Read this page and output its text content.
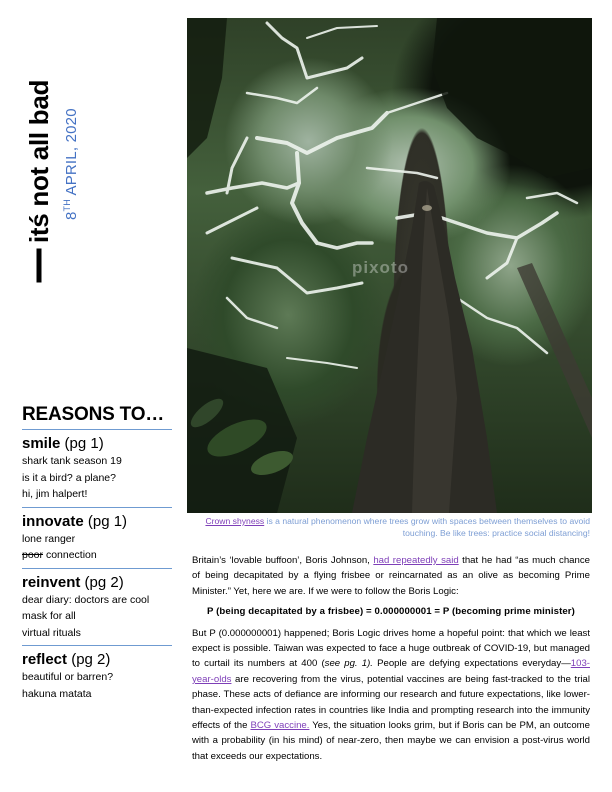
itś not all bad 8TH APRIL, 2020
REASONS TO…
smile (pg 1)
shark tank season 19
is it a bird? a plane?
hi, jim halpert!
innovate (pg 1)
lone ranger
poor connection
reinvent (pg 2)
dear diary: doctors are cool
mask for all
virtual rituals
reflect (pg 2)
beautiful or barren?
hakuna matata
pixoto
Crown shyness is a natural phenomenon where trees grow with spaces between themselves to avoid touching. Be like trees: practice social distancing!

Britain’s ‘lovable buffoon’, Boris Johnson, had repeatedly said that he had “as much chance of being decapitated by a flying frisbee or reincarnated as an olive as becoming Prime Minister.” Yet, here we are. If we were to follow the Boris Logic:

P (being decapitated by a frisbee) = 0.000000001 = P (becoming prime minister)

But P (0.000000001) happened; Boris Logic drives home a hopeful point: that which we least expect is possible. Taiwan was expected to face a huge outbreak of COVID-19, but managed to curtail its numbers at 400 (see pg. 1). People are defying expectations everyday—103-year-olds are recovering from the virus, potential vaccines are being fast-tracked to the trial phase. These acts of defiance are informing our research and future expectations, like lower-than-expected infection rates in countries like India and prompting research into the immunity effects of the BCG vaccine. Yes, the situation looks grim, but if Boris can be PM, an outcome with a probability (in his mind) of near-zero, then maybe we can envision a post-virus world that exceeds our expectations.
